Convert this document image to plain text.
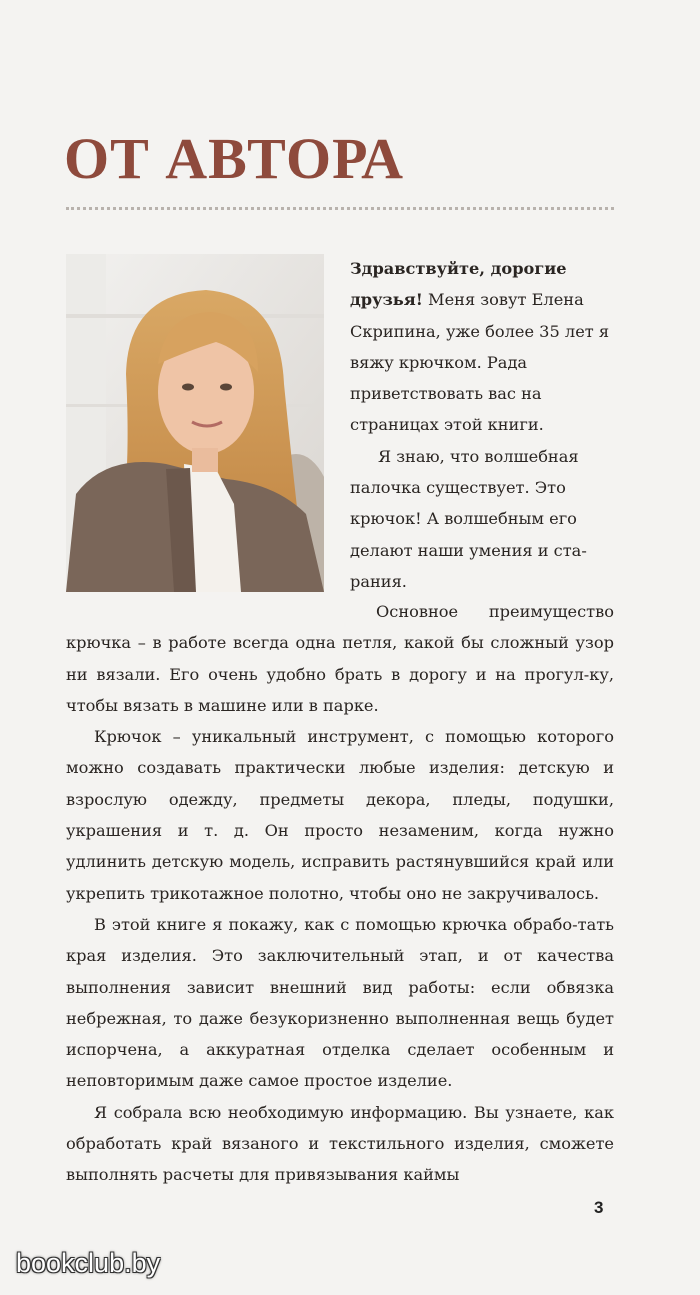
ОТ АВТОРА

Здравствуйте, дорогие друзья! Меня зовут Елена Скрипина, уже более 35 лет я вяжу крючком. Рада приветствовать вас на страницах этой книги.

Я знаю, что волшебная палочка существует. Это крючок! А волшебным его делают наши умения и ста-рания.

Основное преимущество крючка – в работе всегда одна петля, какой бы сложный узор ни вязали. Его очень удобно брать в дорогу и на прогул-ку, чтобы вязать в машине или в парке.

Крючок – уникальный инструмент, с помощью которого можно создавать практически любые изделия: детскую и взрослую одежду, предметы декора, пледы, подушки, украшения и т. д. Он просто незаменим, когда нужно удлинить детскую модель, исправить растянувшийся край или укрепить трикотажное полотно, чтобы оно не закручивалось.

В этой книге я покажу, как с помощью крючка обрабо-тать края изделия. Это заключительный этап, и от качества выполнения зависит внешний вид работы: если обвязка небрежная, то даже безукоризненно выполненная вещь будет испорчена, а аккуратная отделка сделает особенным и неповторимым даже самое простое изделие.

Я собрала всю необходимую информацию. Вы узнаете, как обработать край вязаного и текстильного изделия, сможете выполнять расчеты для привязывания каймы

3
bookclub.by
